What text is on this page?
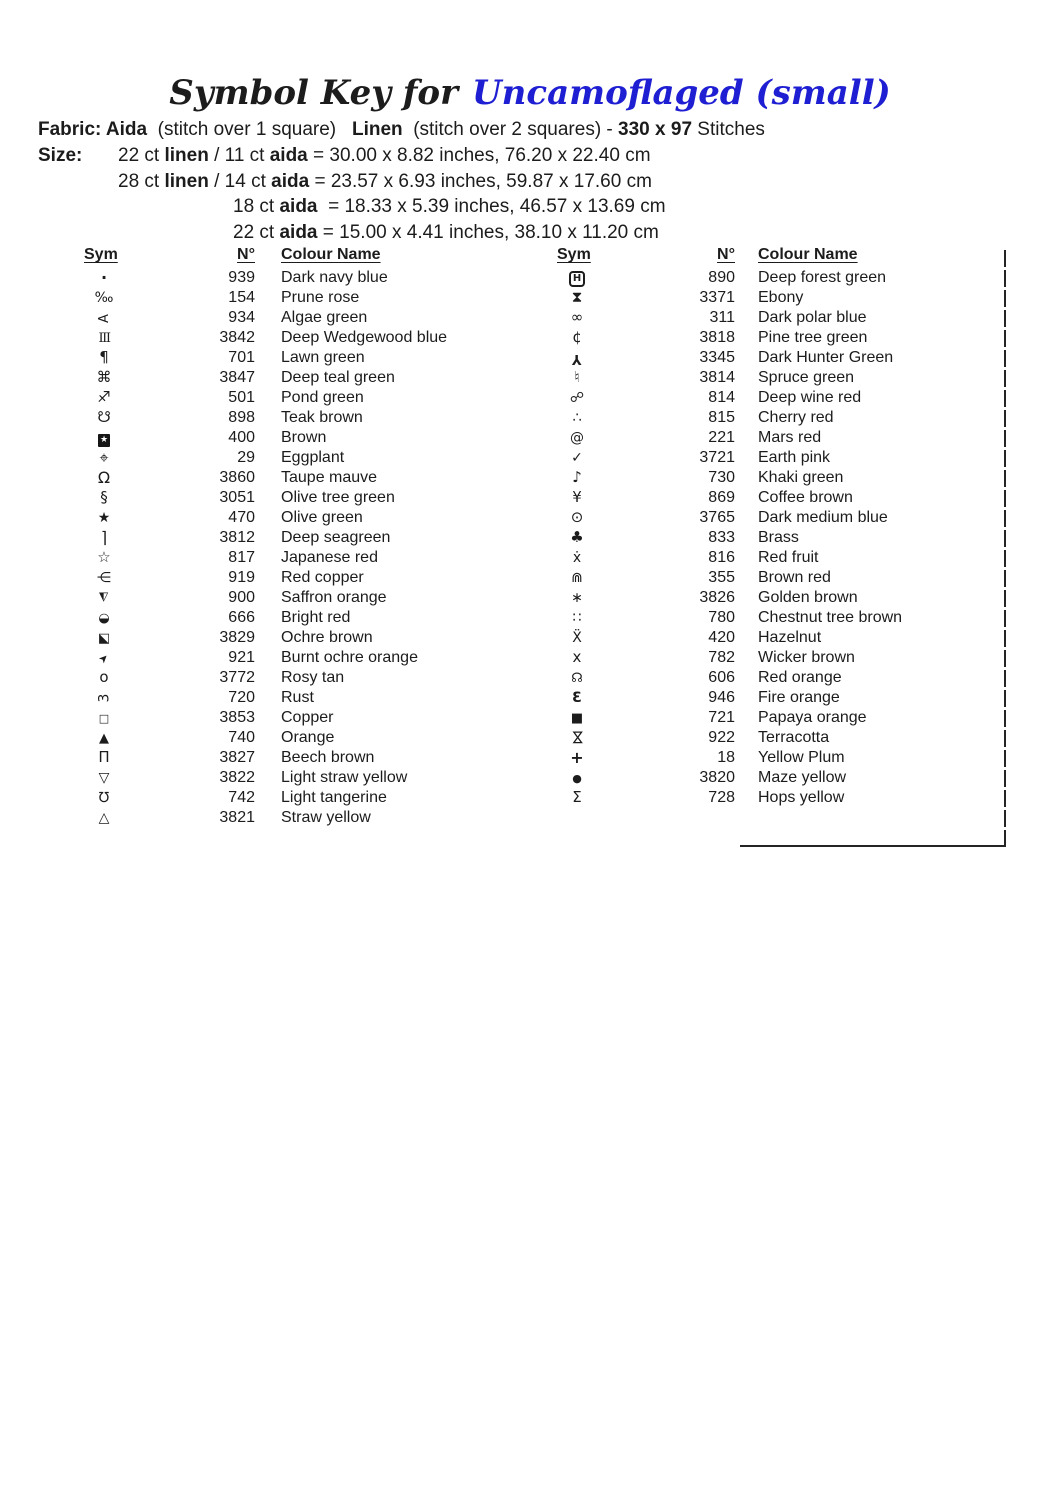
Symbol Key for Uncamoflaged (small)
Fabric: Aida  (stitch over 1 square)   Linen  (stitch over 2 squares) - 330 x 97 Stitches
Size: 22 ct linen / 11 ct aida = 30.00 x 8.82 inches, 76.20 x 22.40 cm
28 ct linen / 14 ct aida = 23.57 x 6.93 inches, 59.87 x 17.60 cm
18 ct aida  = 18.33 x 5.39 inches, 46.57 x 13.69 cm
22 ct aida = 15.00 x 4.41 inches, 38.10 x 11.20 cm
Sym	N°	Colour Name
·	939	Dark navy blue
‰	154	Prune rose
A	934	Algae green
III	3842	Deep Wedgewood blue
¶	701	Lawn green
⌘	3847	Deep teal green
♐	501	Pond green
☋	898	Teak brown
★	400	Brown
⌖	29	Eggplant
Ω	3860	Taupe mauve
§	3051	Olive tree green
★	470	Olive green
⌉	3812	Deep seagreen
☆	817	Japanese red
⋲	919	Red copper
◮	900	Saffron orange
◒	666	Bright red
◪	3829	Ochre brown
➤	921	Burnt ochre orange
o	3772	Rosy tan
3	720	Rust
□	3853	Copper
▲	740	Orange
Π	3827	Beech brown
▽	3822	Light straw yellow
℧	742	Light tangerine
△	3821	Straw yellow
Sym	N°	Colour Name
H	890	Deep forest green
⧗	3371	Ebony
∞	311	Dark polar blue
¢	3818	Pine tree green
Y	3345	Dark Hunter Green
♮	3814	Spruce green
☍	814	Deep wine red
∴	815	Cherry red
@	221	Mars red
✓	3721	Earth pink
♪	730	Khaki green
¥	869	Coffee brown
⊙	3765	Dark medium blue
♣	833	Brass
ẋ	816	Red fruit
⋒	355	Brown red
∗	3826	Golden brown
∷	780	Chestnut tree brown
Ẍ	420	Hazelnut
x	782	Wicker brown
☊	606	Red orange
Ɛ	946	Fire orange
■	721	Papaya orange
⋈	922	Terracotta
+	18	Yellow Plum
●	3820	Maze yellow
Σ	728	Hops yellow
